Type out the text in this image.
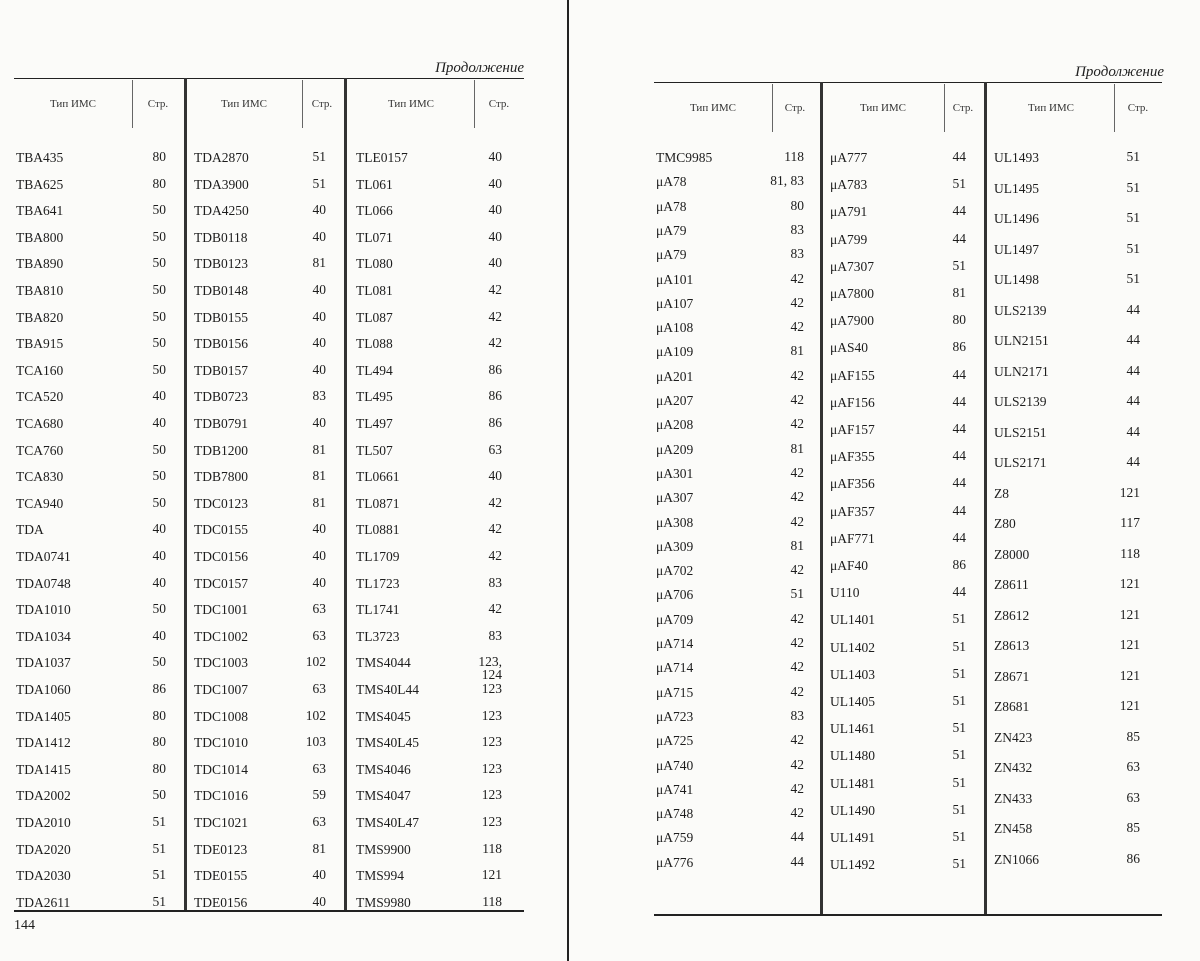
Продолжение
Тип ИМС	Стр.	Тип ИМС	Стр.	Тип ИМС	Стр.
TBA435	80
TBA625	80
TBA641	50
TBA800	50
TBA890	50
TBA810	50
TBA820	50
TBA915	50
TCA160	50
TCA520	40
TCA680	40
TCA760	50
TCA830	50
TCA940	50
TDA	40
TDA0741	40
TDA0748	40
TDA1010	50
TDA1034	40
TDA1037	50
TDA1060	86
TDA1405	80
TDA1412	80
TDA1415	80
TDA2002	50
TDA2010	51
TDA2020	51
TDA2030	51
TDA2611	51
TDA2870	51
TDA3900	51
TDA4250	40
TDB0118	40
TDB0123	81
TDB0148	40
TDB0155	40
TDB0156	40
TDB0157	40
TDB0723	83
TDB0791	40
TDB1200	81
TDB7800	81
TDC0123	81
TDC0155	40
TDC0156	40
TDC0157	40
TDC1001	63
TDC1002	63
TDC1003	102
TDC1007	63
TDC1008	102
TDC1010	103
TDC1014	63
TDC1016	59
TDC1021	63
TDE0123	81
TDE0155	40
TDE0156	40
TLE0157	40
TL061	40
TL066	40
TL071	40
TL080	40
TL081	42
TL087	42
TL088	42
TL494	86
TL495	86
TL497	86
TL507	63
TL0661	40
TL0871	42
TL0881	42
TL1709	42
TL1723	83
TL1741	42
TL3723	83
TMS4044	123,
124
TMS40L44	123
TMS4045	123
TMS40L45	123
TMS4046	123
TMS4047	123
TMS40L47	123
TMS9900	118
TMS994	121
TMS9980	118
144
Продолжение
Тип ИМС	Стр.	Тип ИМС	Стр.	Тип ИМС	Стр.
TMC9985	118
μA78	81, 83
μA78	80
μA79	83
μA79	83
μA101	42
μA107	42
μA108	42
μA109	81
μA201	42
μA207	42
μA208	42
μA209	81
μA301	42
μA307	42
μA308	42
μA309	81
μA702	42
μA706	51
μA709	42
μA714	42
μA714	42
μA715	42
μA723	83
μA725	42
μA740	42
μA741	42
μA748	42
μA759	44
μA776	44
μA777	44
μA783	51
μA791	44
μA799	44
μA7307	51
μA7800	81
μA7900	80
μAS40	86
μAF155	44
μAF156	44
μAF157	44
μAF355	44
μAF356	44
μAF357	44
μAF771	44
μAF40	86
U110	44
UL1401	51
UL1402	51
UL1403	51
UL1405	51
UL1461	51
UL1480	51
UL1481	51
UL1490	51
UL1491	51
UL1492	51
UL1493	51
UL1495	51
UL1496	51
UL1497	51
UL1498	51
ULS2139	44
ULN2151	44
ULN2171	44
ULS2139	44
ULS2151	44
ULS2171	44
Z8	121
Z80	117
Z8000	118
Z8611	121
Z8612	121
Z8613	121
Z8671	121
Z8681	121
ZN423	85
ZN432	63
ZN433	63
ZN458	85
ZN1066	86
